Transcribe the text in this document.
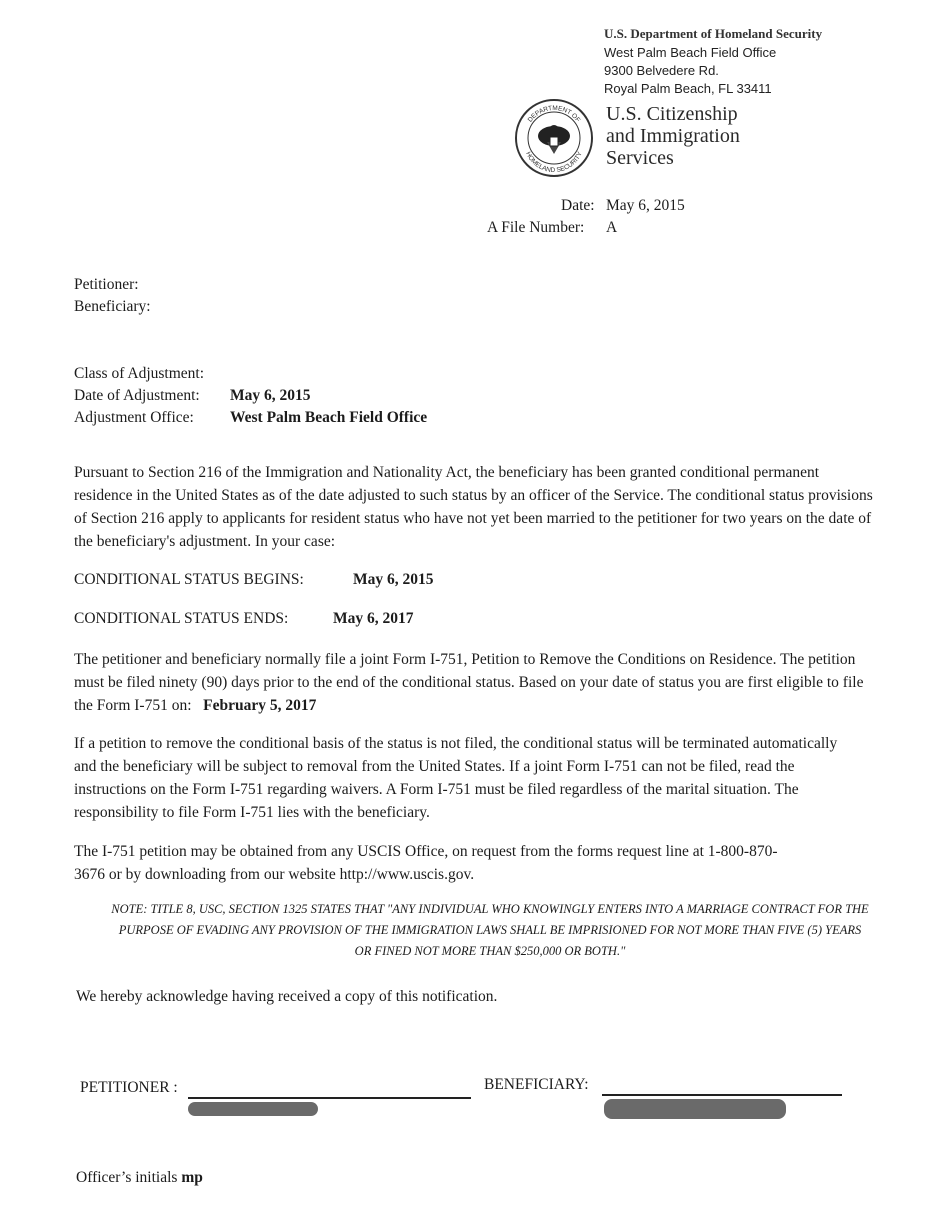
U.S. Department of Homeland Security
West Palm Beach Field Office
9300 Belvedere Rd.
Royal Palm Beach, FL 33411
DEPARTMENT OF
HOMELAND SECURITY
U.S. Citizenship
and Immigration
Services
Date: May 6, 2015
A File Number: A
Petitioner:
Beneficiary:
Class of Adjustment:
Date of Adjustment: May 6, 2015
Adjustment Office: West Palm Beach Field Office
Pursuant to Section 216 of the Immigration and Nationality Act, the beneficiary has been granted conditional permanent residence in the United States as of the date adjusted to such status by an officer of the Service. The conditional status provisions of Section 216 apply to applicants for resident status who have not yet been married to the petitioner for two years on the date of the beneficiary's adjustment. In your case:
CONDITIONAL STATUS BEGINS:	May 6, 2015
CONDITIONAL STATUS ENDS:	May 6, 2017
The petitioner and beneficiary normally file a joint Form I-751, Petition to Remove the Conditions on Residence. The petition must be filed ninety (90) days prior to the end of the conditional status. Based on your date of status you are first eligible to file the Form I-751 on: February 5, 2017
If a petition to remove the conditional basis of the status is not filed, the conditional status will be terminated automatically and the beneficiary will be subject to removal from the United States. If a joint Form I-751 can not be filed, read the instructions on the Form I-751 regarding waivers. A Form I-751 must be filed regardless of the marital situation. The responsibility to file Form I-751 lies with the beneficiary.
The I-751 petition may be obtained from any USCIS Office, on request from the forms request line at 1-800-870-3676 or by downloading from our website http://www.uscis.gov.
NOTE: TITLE 8, USC, SECTION 1325 STATES THAT "ANY INDIVIDUAL WHO KNOWINGLY ENTERS INTO A MARRIAGE CONTRACT FOR THE PURPOSE OF EVADING ANY PROVISION OF THE IMMIGRATION LAWS SHALL BE IMPRISIONED FOR NOT MORE THAN FIVE (5) YEARS OR FINED NOT MORE THAN $250,000 OR BOTH."
We hereby acknowledge having received a copy of this notification.
PETITIONER :	BENEFICIARY:
Officer’s initials mp
